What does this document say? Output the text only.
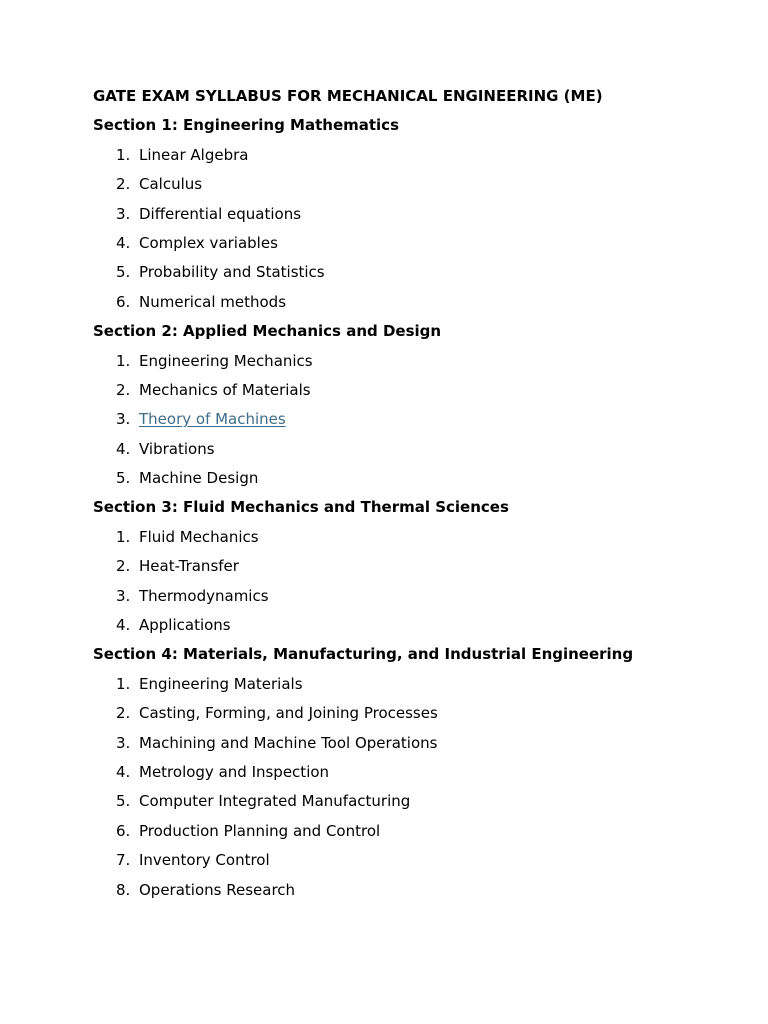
GATE EXAM SYLLABUS FOR MECHANICAL ENGINEERING (ME)
Section 1: Engineering Mathematics
1. Linear Algebra
2. Calculus
3. Differential equations
4. Complex variables
5. Probability and Statistics
6. Numerical methods
Section 2: Applied Mechanics and Design
1. Engineering Mechanics
2. Mechanics of Materials
3. Theory of Machines
4. Vibrations
5. Machine Design
Section 3: Fluid Mechanics and Thermal Sciences
1. Fluid Mechanics
2. Heat-Transfer
3. Thermodynamics
4. Applications
Section 4: Materials, Manufacturing, and Industrial Engineering
1. Engineering Materials
2. Casting, Forming, and Joining Processes
3. Machining and Machine Tool Operations
4. Metrology and Inspection
5. Computer Integrated Manufacturing
6. Production Planning and Control
7. Inventory Control
8. Operations Research
